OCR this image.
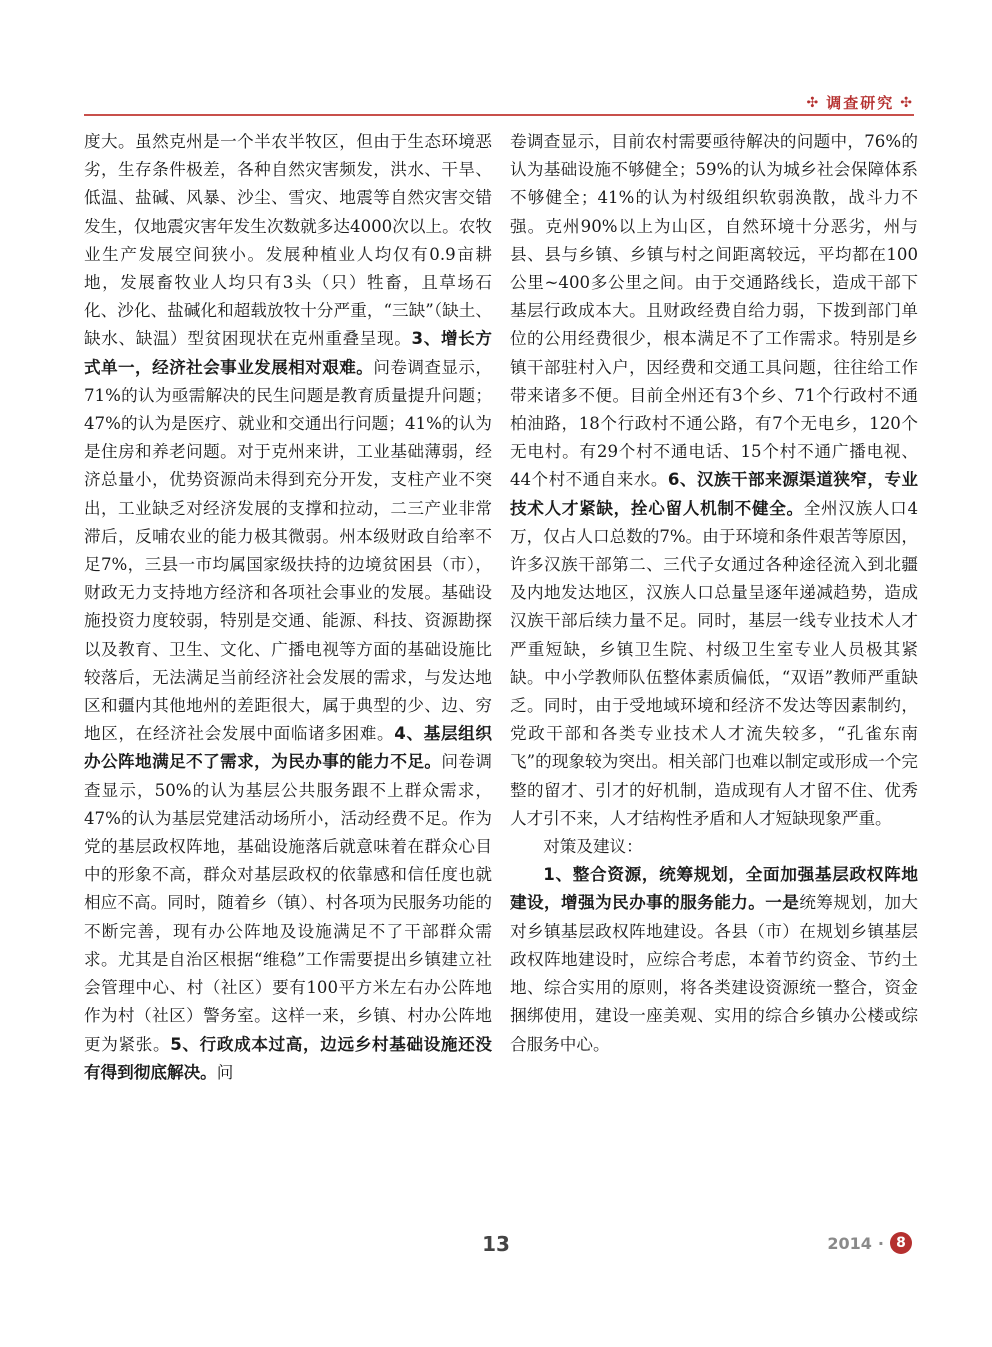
✣ 调查研究 ✣

度大。虽然克州是一个半农半牧区，但由于生态环境恶劣，生存条件极差，各种自然灾害频发，洪水、干旱、低温、盐碱、风暴、沙尘、雪灾、地震等自然灾害交错发生，仅地震灾害年发生次数就多达4000次以上。农牧业生产发展空间狭小。发展种植业人均仅有0.9亩耕地，发展畜牧业人均只有3头（只）牲畜，且草场石化、沙化、盐碱化和超载放牧十分严重，“三缺”（缺土、缺水、缺温）型贫困现状在克州重叠呈现。3、增长方式单一，经济社会事业发展相对艰难。问卷调查显示，71%的认为亟需解决的民生问题是教育质量提升问题；47%的认为是医疗、就业和交通出行问题；41%的认为是住房和养老问题。对于克州来讲，工业基础薄弱，经济总量小，优势资源尚未得到充分开发，支柱产业不突出，工业缺乏对经济发展的支撑和拉动，二三产业非常滞后，反哺农业的能力极其微弱。州本级财政自给率不足7%，三县一市均属国家级扶持的边境贫困县（市），财政无力支持地方经济和各项社会事业的发展。基础设施投资力度较弱，特别是交通、能源、科技、资源勘探以及教育、卫生、文化、广播电视等方面的基础设施比较落后，无法满足当前经济社会发展的需求，与发达地区和疆内其他地州的差距很大，属于典型的少、边、穷地区，在经济社会发展中面临诸多困难。4、基层组织办公阵地满足不了需求，为民办事的能力不足。问卷调查显示，50%的认为基层公共服务跟不上群众需求，47%的认为基层党建活动场所小，活动经费不足。作为党的基层政权阵地，基础设施落后就意味着在群众心目中的形象不高，群众对基层政权的依靠感和信任度也就相应不高。同时，随着乡（镇）、村各项为民服务功能的不断完善，现有办公阵地及设施满足不了干部群众需求。尤其是自治区根据“维稳”工作需要提出乡镇建立社会管理中心、村（社区）要有100平方米左右办公阵地作为村（社区）警务室。这样一来，乡镇、村办公阵地更为紧张。5、行政成本过高，边远乡村基础设施还没有得到彻底解决。问

卷调查显示，目前农村需要亟待解决的问题中，76%的认为基础设施不够健全；59%的认为城乡社会保障体系不够健全；41%的认为村级组织软弱涣散，战斗力不强。克州90%以上为山区，自然环境十分恶劣，州与县、县与乡镇、乡镇与村之间距离较远，平均都在100公里~400多公里之间。由于交通路线长，造成干部下基层行政成本大。且财政经费自给力弱，下拨到部门单位的公用经费很少，根本满足不了工作需求。特别是乡镇干部驻村入户，因经费和交通工具问题，往往给工作带来诸多不便。目前全州还有3个乡、71个行政村不通柏油路，18个行政村不通公路，有7个无电乡，120个无电村。有29个村不通电话、15个村不通广播电视、44个村不通自来水。6、汉族干部来源渠道狭窄，专业技术人才紧缺，拴心留人机制不健全。全州汉族人口4万，仅占人口总数的7%。由于环境和条件艰苦等原因，许多汉族干部第二、三代子女通过各种途径流入到北疆及内地发达地区，汉族人口总量呈逐年递减趋势，造成汉族干部后续力量不足。同时，基层一线专业技术人才严重短缺，乡镇卫生院、村级卫生室专业人员极其紧缺。中小学教师队伍整体素质偏低，“双语”教师严重缺乏。同时，由于受地域环境和经济不发达等因素制约，党政干部和各类专业技术人才流失较多，“孔雀东南飞”的现象较为突出。相关部门也难以制定或形成一个完整的留才、引才的好机制，造成现有人才留不住、优秀人才引不来，人才结构性矛盾和人才短缺现象严重。

对策及建议：

1、整合资源，统筹规划，全面加强基层政权阵地建设，增强为民办事的服务能力。一是统筹规划，加大对乡镇基层政权阵地建设。各县（市）在规划乡镇基层政权阵地建设时，应综合考虑，本着节约资金、节约土地、综合实用的原则，将各类建设资源统一整合，资金捆绑使用，建设一座美观、实用的综合乡镇办公楼或综合服务中心。

13	2014 · 8
